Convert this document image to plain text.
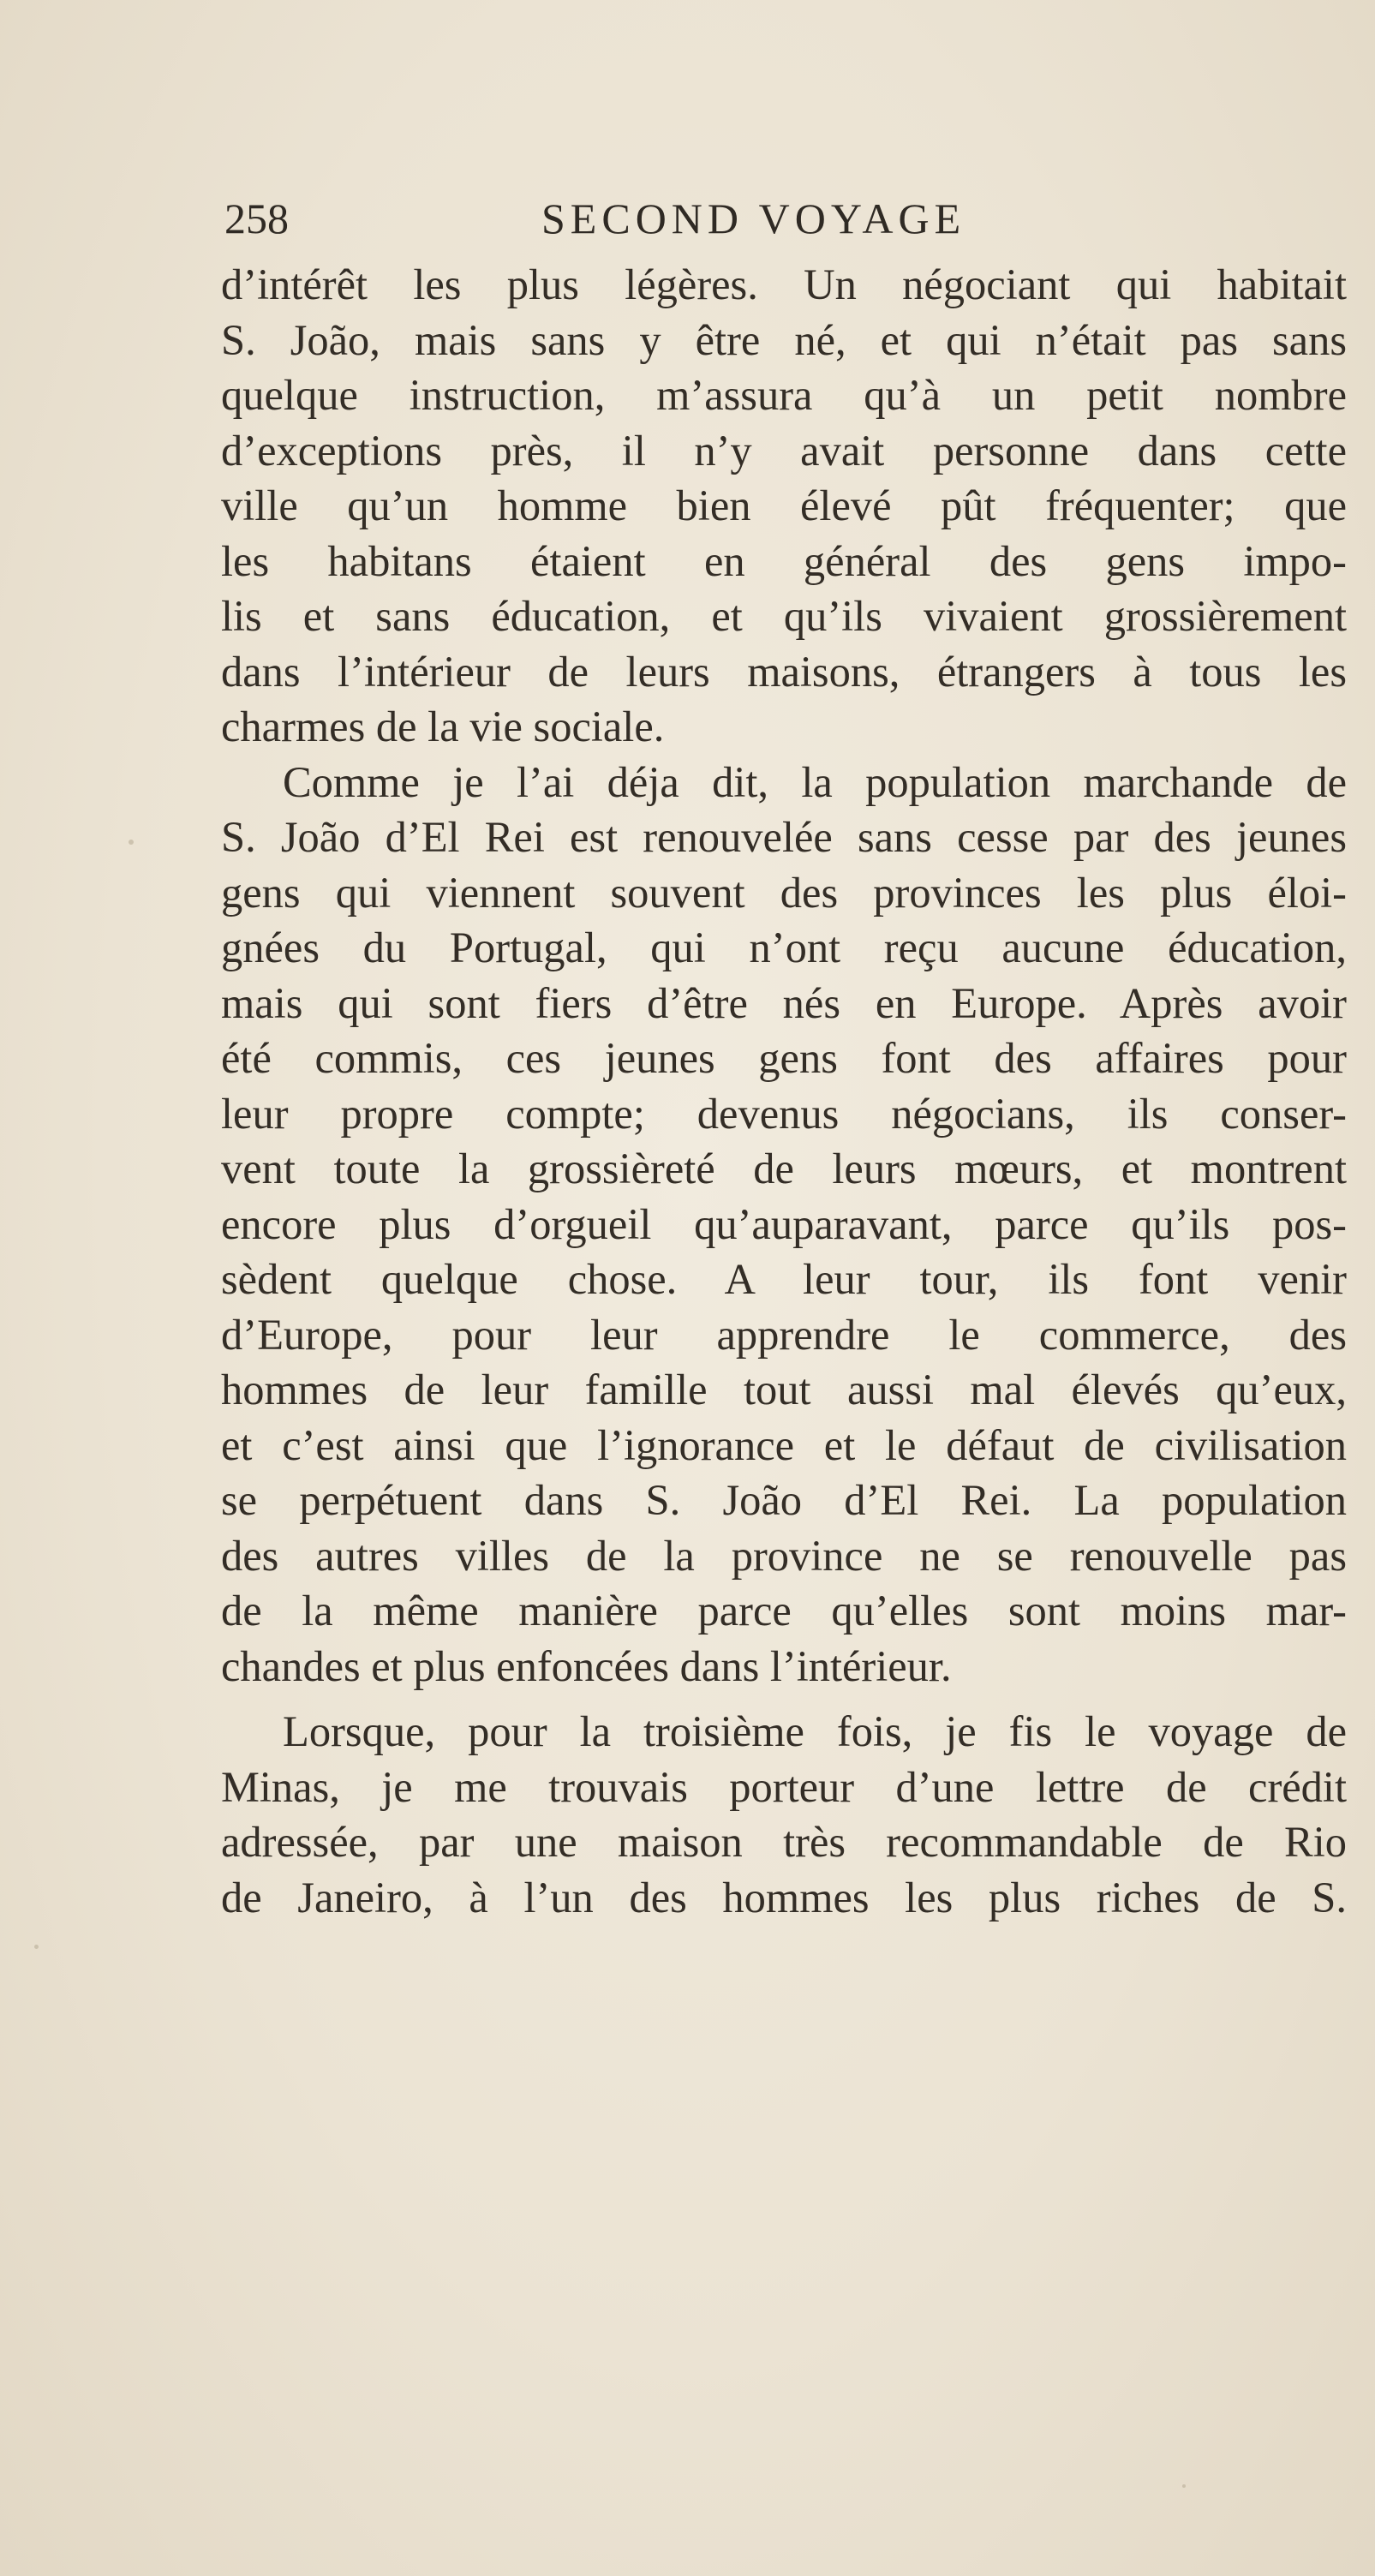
258	SECOND VOYAGE
d’intérêt les plus légères. Un négociant qui habitait
S. João, mais sans y être né, et qui n’était pas sans
quelque instruction, m’assura qu’à un petit nombre
d’exceptions près, il n’y avait personne dans cette
ville qu’un homme bien élevé pût fréquenter; que
les habitans étaient en général des gens impo-
lis et sans éducation, et qu’ils vivaient grossièrement
dans l’intérieur de leurs maisons, étrangers à tous les
charmes de la vie sociale.
Comme je l’ai déja dit, la population marchande de
S. João d’El Rei est renouvelée sans cesse par des jeunes
gens qui viennent souvent des provinces les plus éloi-
gnées du Portugal, qui n’ont reçu aucune éducation,
mais qui sont fiers d’être nés en Europe. Après avoir
été commis, ces jeunes gens font des affaires pour
leur propre compte; devenus négocians, ils conser-
vent toute la grossièreté de leurs mœurs, et montrent
encore plus d’orgueil qu’auparavant, parce qu’ils pos-
sèdent quelque chose. A leur tour, ils font venir
d’Europe, pour leur apprendre le commerce, des
hommes de leur famille tout aussi mal élevés qu’eux,
et c’est ainsi que l’ignorance et le défaut de civilisation
se perpétuent dans S. João d’El Rei. La population
des autres villes de la province ne se renouvelle pas
de la même manière parce qu’elles sont moins mar-
chandes et plus enfoncées dans l’intérieur.
Lorsque, pour la troisième fois, je fis le voyage de
Minas, je me trouvais porteur d’une lettre de crédit
adressée, par une maison très recommandable de Rio
de Janeiro, à l’un des hommes les plus riches de S.
